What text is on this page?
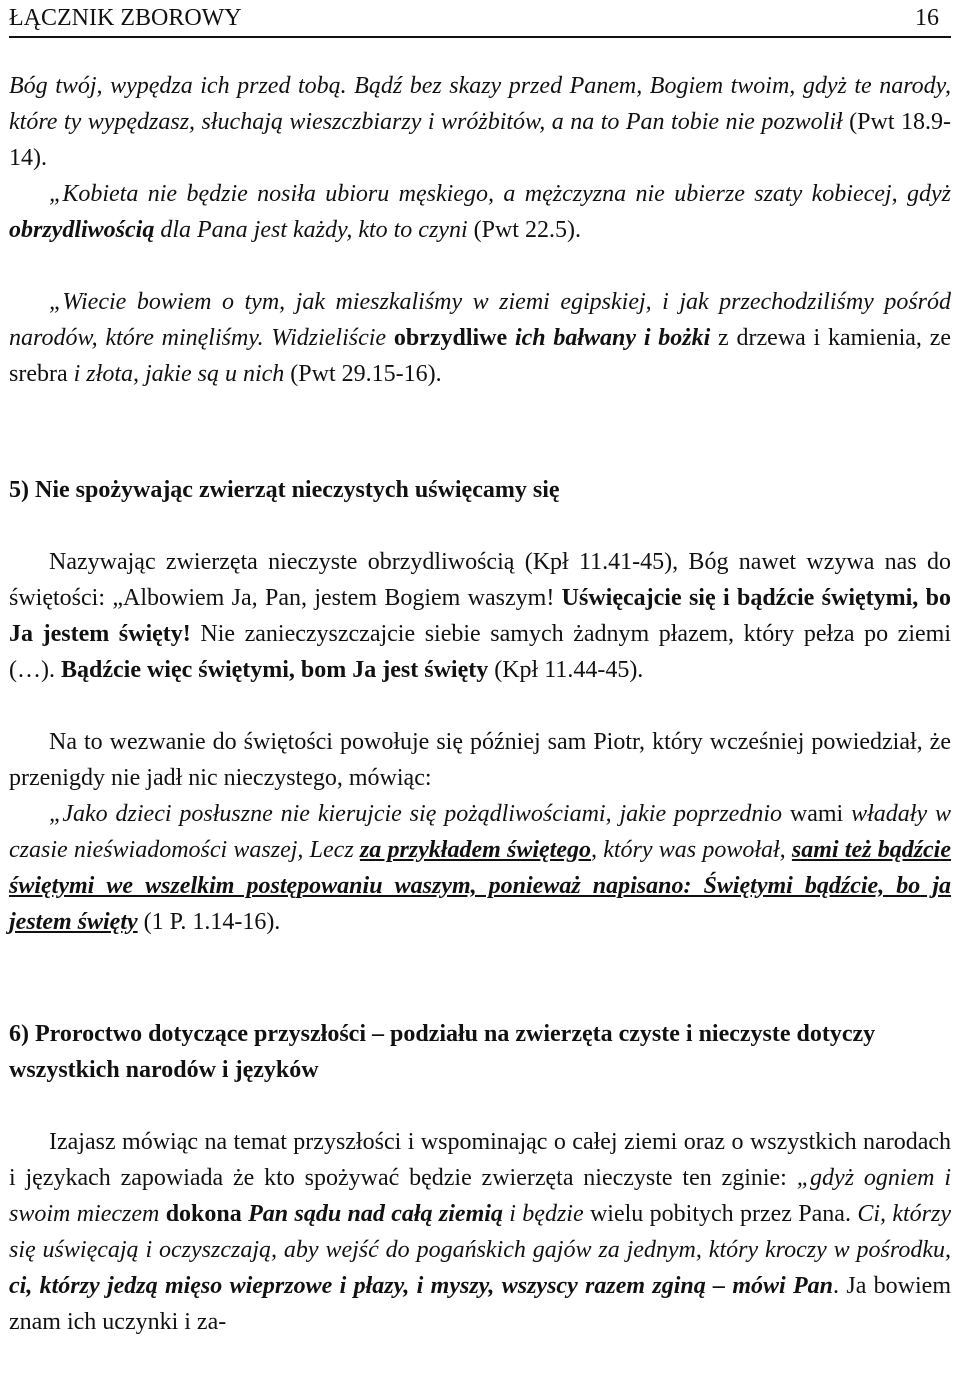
ŁĄCZNIK ZBOROWY	16

Bóg twój, wypędza ich przed tobą. Bądź bez skazy przed Panem, Bogiem twoim, gdyż te narody, które ty wypędzasz, słuchają wieszczbiarzy i wróżbitów, a na to Pan tobie nie pozwolił (Pwt 18.9-14).

„Kobieta nie będzie nosiła ubioru męskiego, a mężczyzna nie ubierze szaty kobiecej, gdyż obrzydliwością dla Pana jest każdy, kto to czyni (Pwt 22.5).

„Wiecie bowiem o tym, jak mieszkaliśmy w ziemi egipskiej, i jak przechodziliśmy pośród narodów, które minęliśmy. Widzieliście obrzydliwe ich bałwany i bożki z drzewa i kamienia, ze srebra i złota, jakie są u nich (Pwt 29.15-16).

5) Nie spożywając zwierząt nieczystych uświęcamy się

Nazywając zwierzęta nieczyste obrzydliwością (Kpł 11.41-45), Bóg nawet wzywa nas do świętości: „Albowiem Ja, Pan, jestem Bogiem waszym! Uświęcajcie się i bądźcie świętymi, bo Ja jestem święty! Nie zanieczyszczajcie siebie samych żadnym płazem, który pełza po ziemi (…). Bądźcie więc świętymi, bom Ja jest święty (Kpł 11.44-45).

Na to wezwanie do świętości powołuje się później sam Piotr, który wcześniej powiedział, że przenigdy nie jadł nic nieczystego, mówiąc:

„Jako dzieci posłuszne nie kierujcie się pożądliwościami, jakie poprzednio wami władały w czasie nieświadomości waszej, Lecz za przykładem świętego, który was powołał, sami też bądźcie świętymi we wszelkim postępowaniu waszym, ponieważ napisano: Świętymi bądźcie, bo ja jestem święty (1 P. 1.14-16).

6) Proroctwo dotyczące przyszłości – podziału na zwierzęta czyste i nieczyste dotyczy wszystkich narodów i języków

Izajasz mówiąc na temat przyszłości i wspominając o całej ziemi oraz o wszystkich narodach i językach zapowiada że kto spożywać będzie zwierzęta nieczyste ten zginie: „gdyż ogniem i swoim mieczem dokona Pan sądu nad całą ziemią i będzie wielu pobitych przez Pana. Ci, którzy się uświęcają i oczyszczają, aby wejść do pogańskich gajów za jednym, który kroczy w pośrodku, ci, którzy jedzą mięso wieprzowe i płazy, i myszy, wszyscy razem zginą – mówi Pan. Ja bowiem znam ich uczynki i za-
